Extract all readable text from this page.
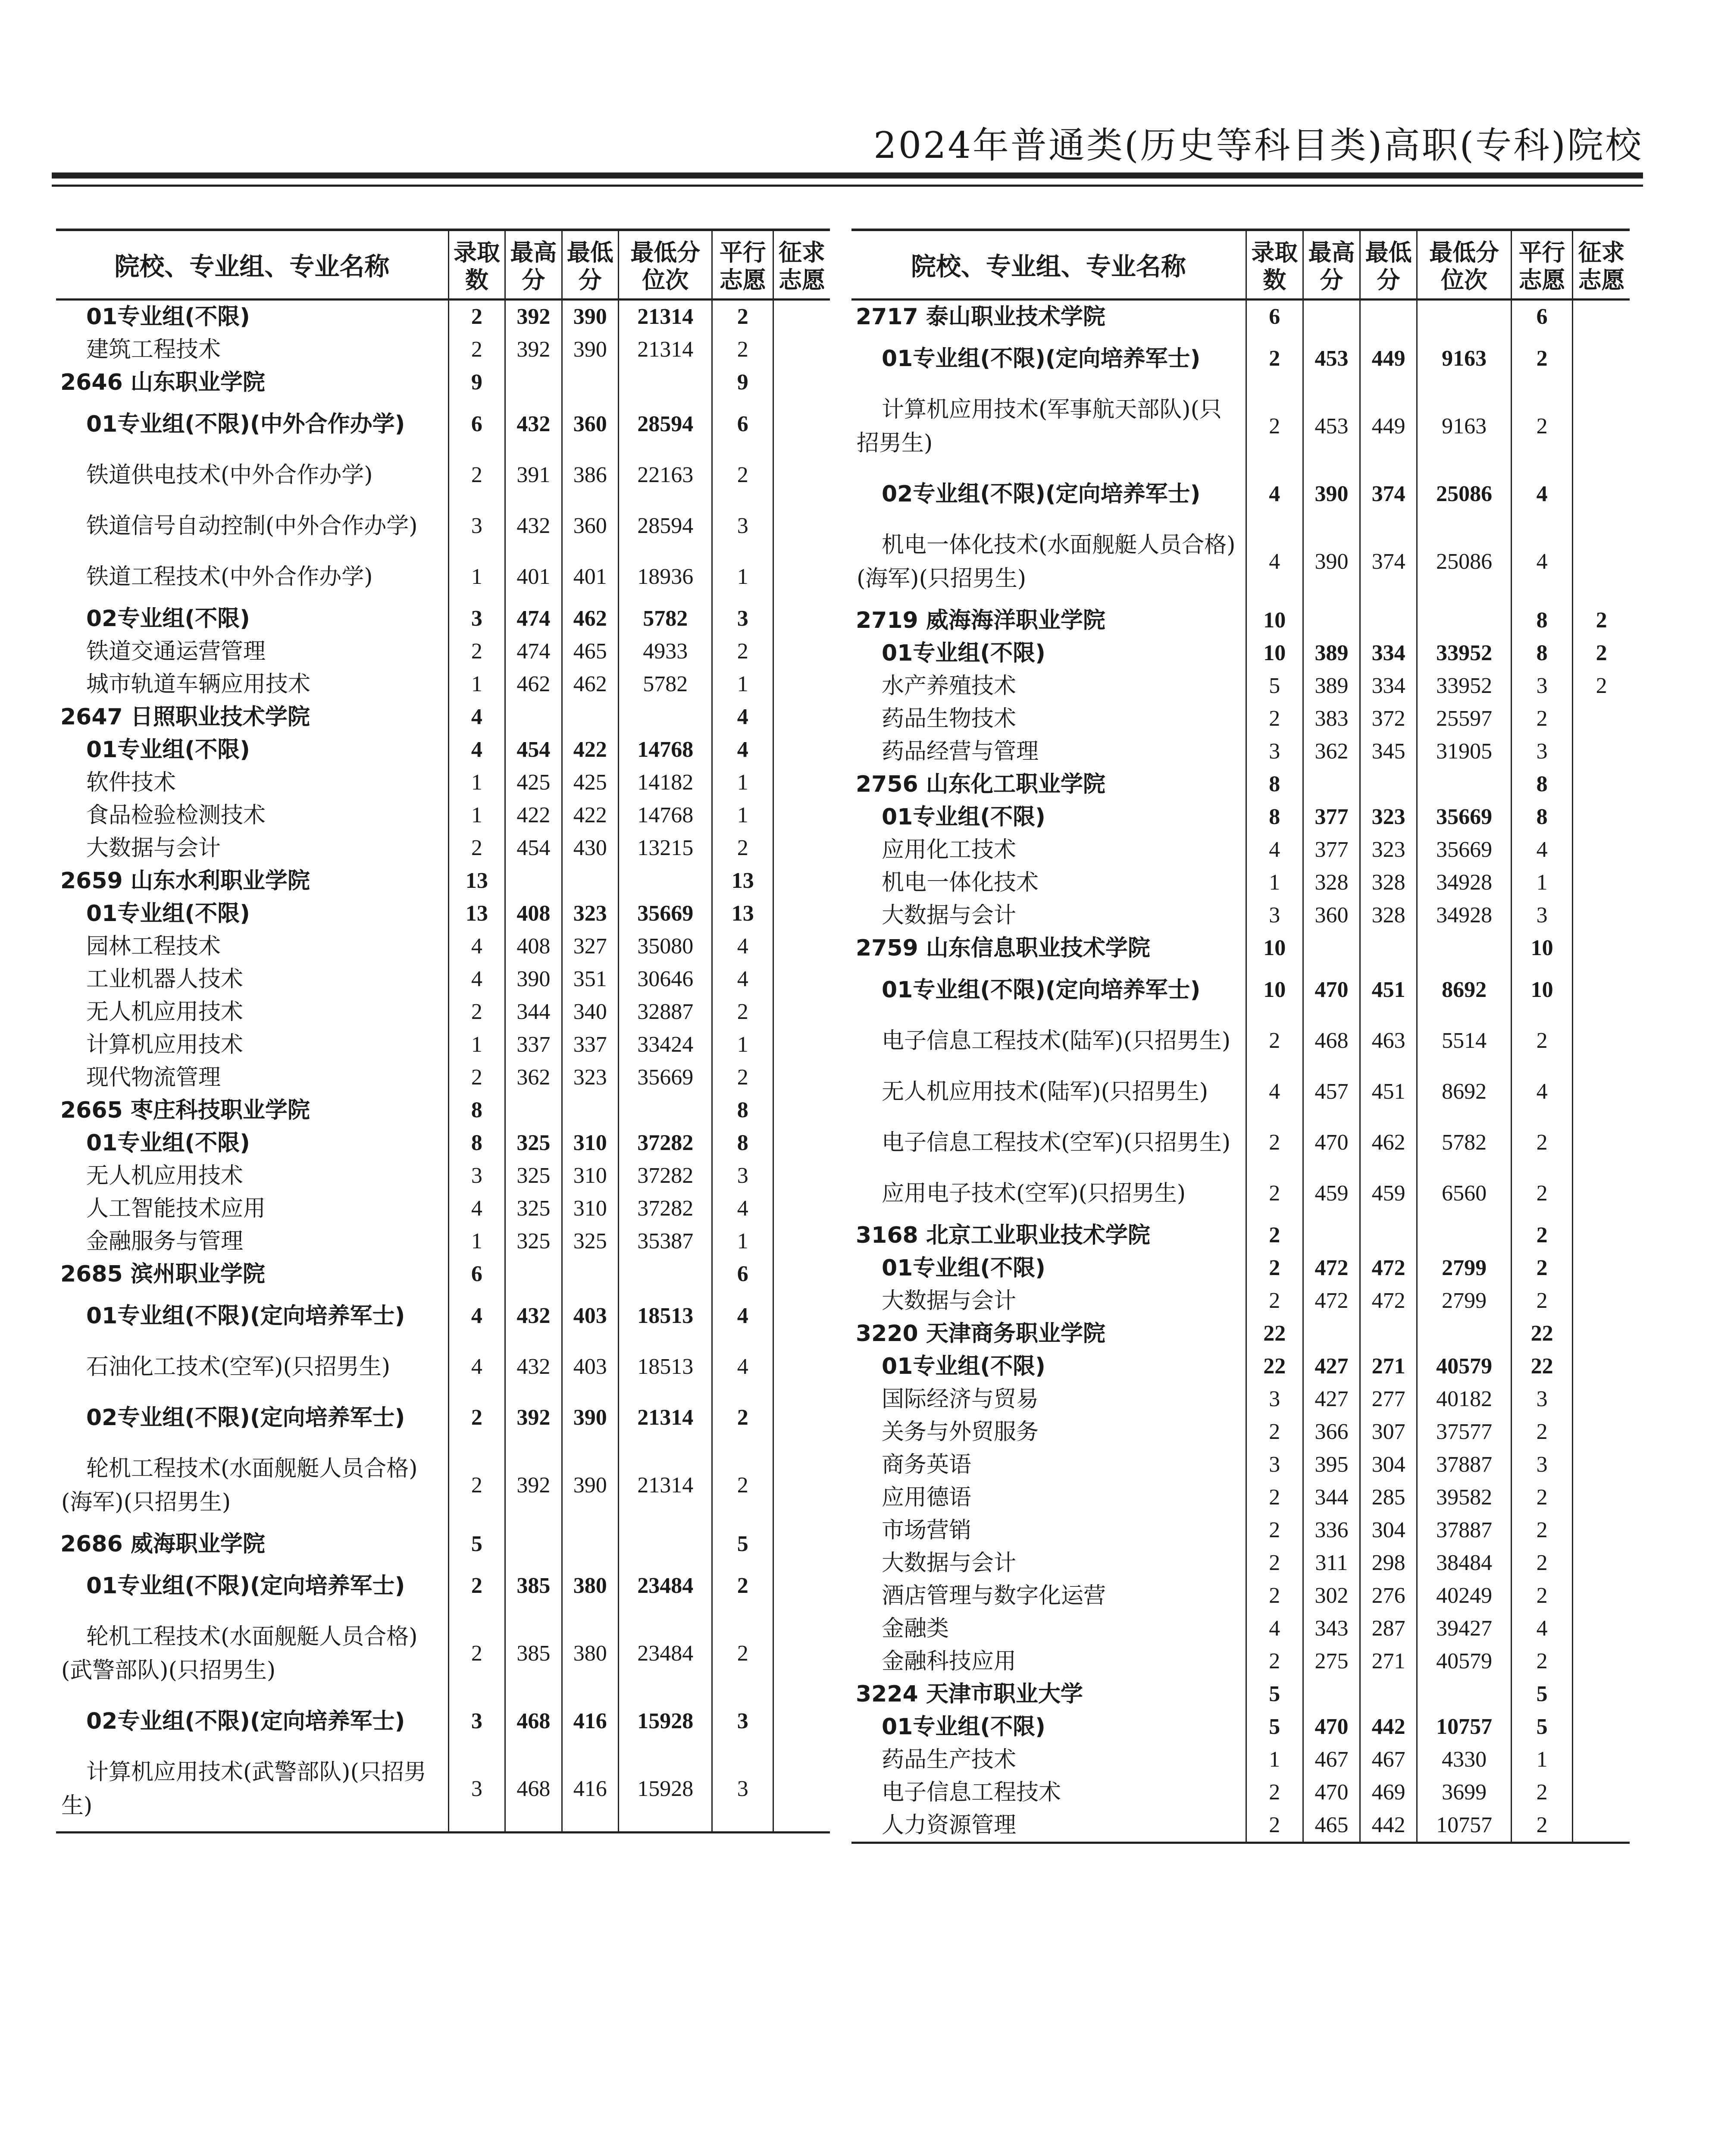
2024年普通类(历史等科目类)高职(专科)院校
院校、专业组、专业名称	录取数	最高分	最低分	最低分位次	平行志愿	征求志愿
01专业组(不限)	2	392	390	21314	2	
建筑工程技术	2	392	390	21314	2	
2646 山东职业学院	9				9	
01专业组(不限)(中外合作办学)	6	432	360	28594	6	
铁道供电技术(中外合作办学)	2	391	386	22163	2	
铁道信号自动控制(中外合作办学)	3	432	360	28594	3	
铁道工程技术(中外合作办学)	1	401	401	18936	1	
02专业组(不限)	3	474	462	5782	3	
铁道交通运营管理	2	474	465	4933	2	
城市轨道车辆应用技术	1	462	462	5782	1	
2647 日照职业技术学院	4				4	
01专业组(不限)	4	454	422	14768	4	
软件技术	1	425	425	14182	1	
食品检验检测技术	1	422	422	14768	1	
大数据与会计	2	454	430	13215	2	
2659 山东水利职业学院	13				13	
01专业组(不限)	13	408	323	35669	13	
园林工程技术	4	408	327	35080	4	
工业机器人技术	4	390	351	30646	4	
无人机应用技术	2	344	340	32887	2	
计算机应用技术	1	337	337	33424	1	
现代物流管理	2	362	323	35669	2	
2665 枣庄科技职业学院	8				8	
01专业组(不限)	8	325	310	37282	8	
无人机应用技术	3	325	310	37282	3	
人工智能技术应用	4	325	310	37282	4	
金融服务与管理	1	325	325	35387	1	
2685 滨州职业学院	6				6	
01专业组(不限)(定向培养军士)	4	432	403	18513	4	
石油化工技术(空军)(只招男生)	4	432	403	18513	4	
02专业组(不限)(定向培养军士)	2	392	390	21314	2	
轮机工程技术(水面舰艇人员合格)(海军)(只招男生)	2	392	390	21314	2	
2686 威海职业学院	5				5	
01专业组(不限)(定向培养军士)	2	385	380	23484	2	
轮机工程技术(水面舰艇人员合格)(武警部队)(只招男生)	2	385	380	23484	2	
02专业组(不限)(定向培养军士)	3	468	416	15928	3	
计算机应用技术(武警部队)(只招男生)	3	468	416	15928	3	
院校、专业组、专业名称	录取数	最高分	最低分	最低分位次	平行志愿	征求志愿
2717 泰山职业技术学院	6				6	
01专业组(不限)(定向培养军士)	2	453	449	9163	2	
计算机应用技术(军事航天部队)(只招男生)	2	453	449	9163	2	
02专业组(不限)(定向培养军士)	4	390	374	25086	4	
机电一体化技术(水面舰艇人员合格)(海军)(只招男生)	4	390	374	25086	4	
2719 威海海洋职业学院	10				8	2
01专业组(不限)	10	389	334	33952	8	2
水产养殖技术	5	389	334	33952	3	2
药品生物技术	2	383	372	25597	2	
药品经营与管理	3	362	345	31905	3	
2756 山东化工职业学院	8				8	
01专业组(不限)	8	377	323	35669	8	
应用化工技术	4	377	323	35669	4	
机电一体化技术	1	328	328	34928	1	
大数据与会计	3	360	328	34928	3	
2759 山东信息职业技术学院	10				10	
01专业组(不限)(定向培养军士)	10	470	451	8692	10	
电子信息工程技术(陆军)(只招男生)	2	468	463	5514	2	
无人机应用技术(陆军)(只招男生)	4	457	451	8692	4	
电子信息工程技术(空军)(只招男生)	2	470	462	5782	2	
应用电子技术(空军)(只招男生)	2	459	459	6560	2	
3168 北京工业职业技术学院	2				2	
01专业组(不限)	2	472	472	2799	2	
大数据与会计	2	472	472	2799	2	
3220 天津商务职业学院	22				22	
01专业组(不限)	22	427	271	40579	22	
国际经济与贸易	3	427	277	40182	3	
关务与外贸服务	2	366	307	37577	2	
商务英语	3	395	304	37887	3	
应用德语	2	344	285	39582	2	
市场营销	2	336	304	37887	2	
大数据与会计	2	311	298	38484	2	
酒店管理与数字化运营	2	302	276	40249	2	
金融类	4	343	287	39427	4	
金融科技应用	2	275	271	40579	2	
3224 天津市职业大学	5				5	
01专业组(不限)	5	470	442	10757	5	
药品生产技术	1	467	467	4330	1	
电子信息工程技术	2	470	469	3699	2	
人力资源管理	2	465	442	10757	2	
